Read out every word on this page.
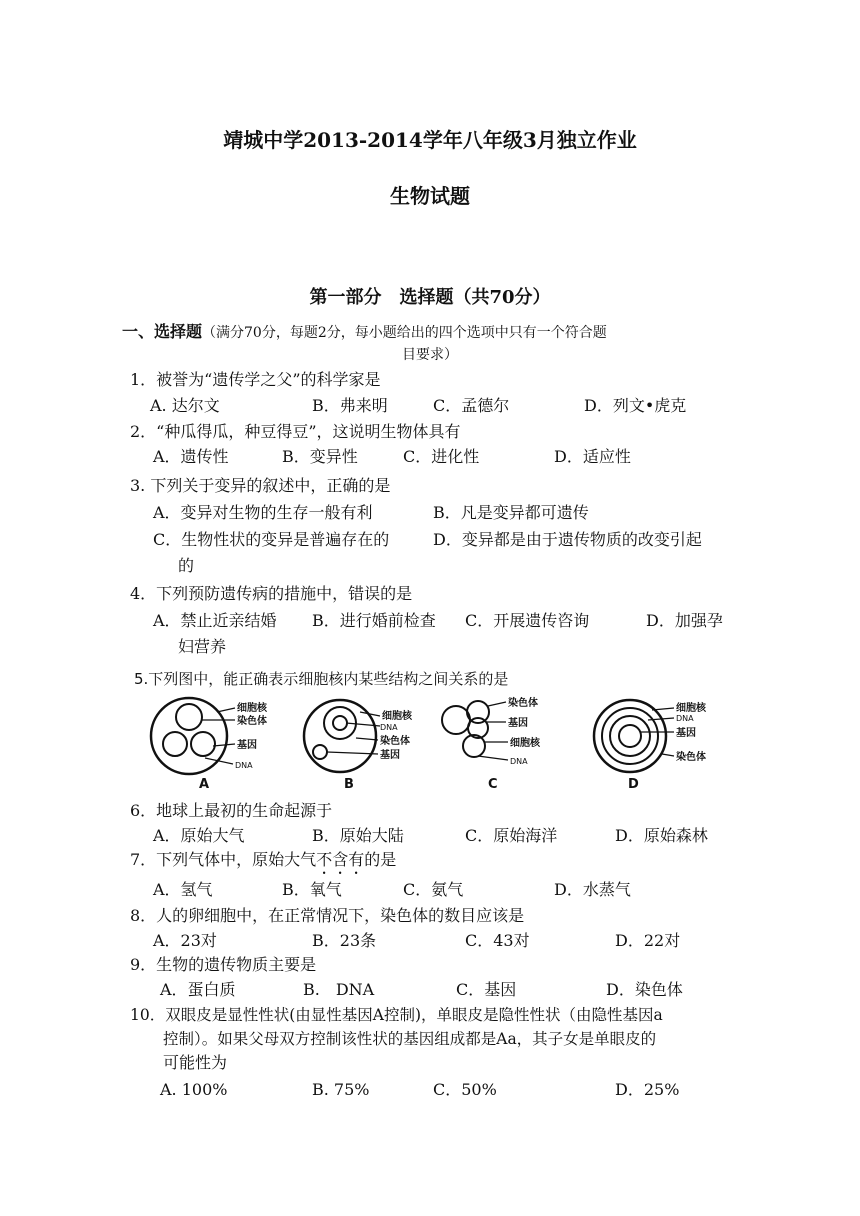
靖城中学2013-2014学年八年级3月独立作业
生物试题
第一部分　选择题（共70分）
一、选择题（满分70分，每题2分，每小题给出的四个选项中只有一个符合题
目要求）
1．被誉为“遗传学之父”的科学家是
A. 达尔文	B．弗来明	C．孟德尔	D．列文•虎克
2．“种瓜得瓜，种豆得豆”，这说明生物体具有
A．遗传性	B．变异性	C．进化性	D．适应性
3. 下列关于变异的叙述中，正确的是
A．变异对生物的生存一般有利	B．凡是变异都可遗传
C．生物性状的变异是普遍存在的	D．变异都是由于遗传物质的改变引起
的
4．下列预防遗传病的措施中，错误的是
A．禁止近亲结婚 B．进行婚前检查 C．开展遗传咨询	D．加强孕
妇营养
5.下列图中，能正确表示细胞核内某些结构之间关系的是
细胞核
染色体
基因
DNA
A
细胞核
DNA
染色体
基因
B
染色体
基因
细胞核
DNA
C
细胞核
DNA
基因
染色体
D
6．地球上最初的生命起源于
A．原始大气	B．原始大陆	C．原始海洋	D．原始森林
7．下列气体中，原始大气不含有的是
A．氢气	B．氧气	C．氨气	D．水蒸气
8．人的卵细胞中，在正常情况下，染色体的数目应该是
A．23对	B．23条	C．43对	D．22对
9．生物的遗传物质主要是
A．蛋白质	B.　DNA	C．基因	D．染色体
10．双眼皮是显性性状(由显性基因A控制)，单眼皮是隐性性状（由隐性基因a
控制）。如果父母双方控制该性状的基因组成都是Aa，其子女是单眼皮的
可能性为
A. 100%	B. 75%	C．50%	D．25%
